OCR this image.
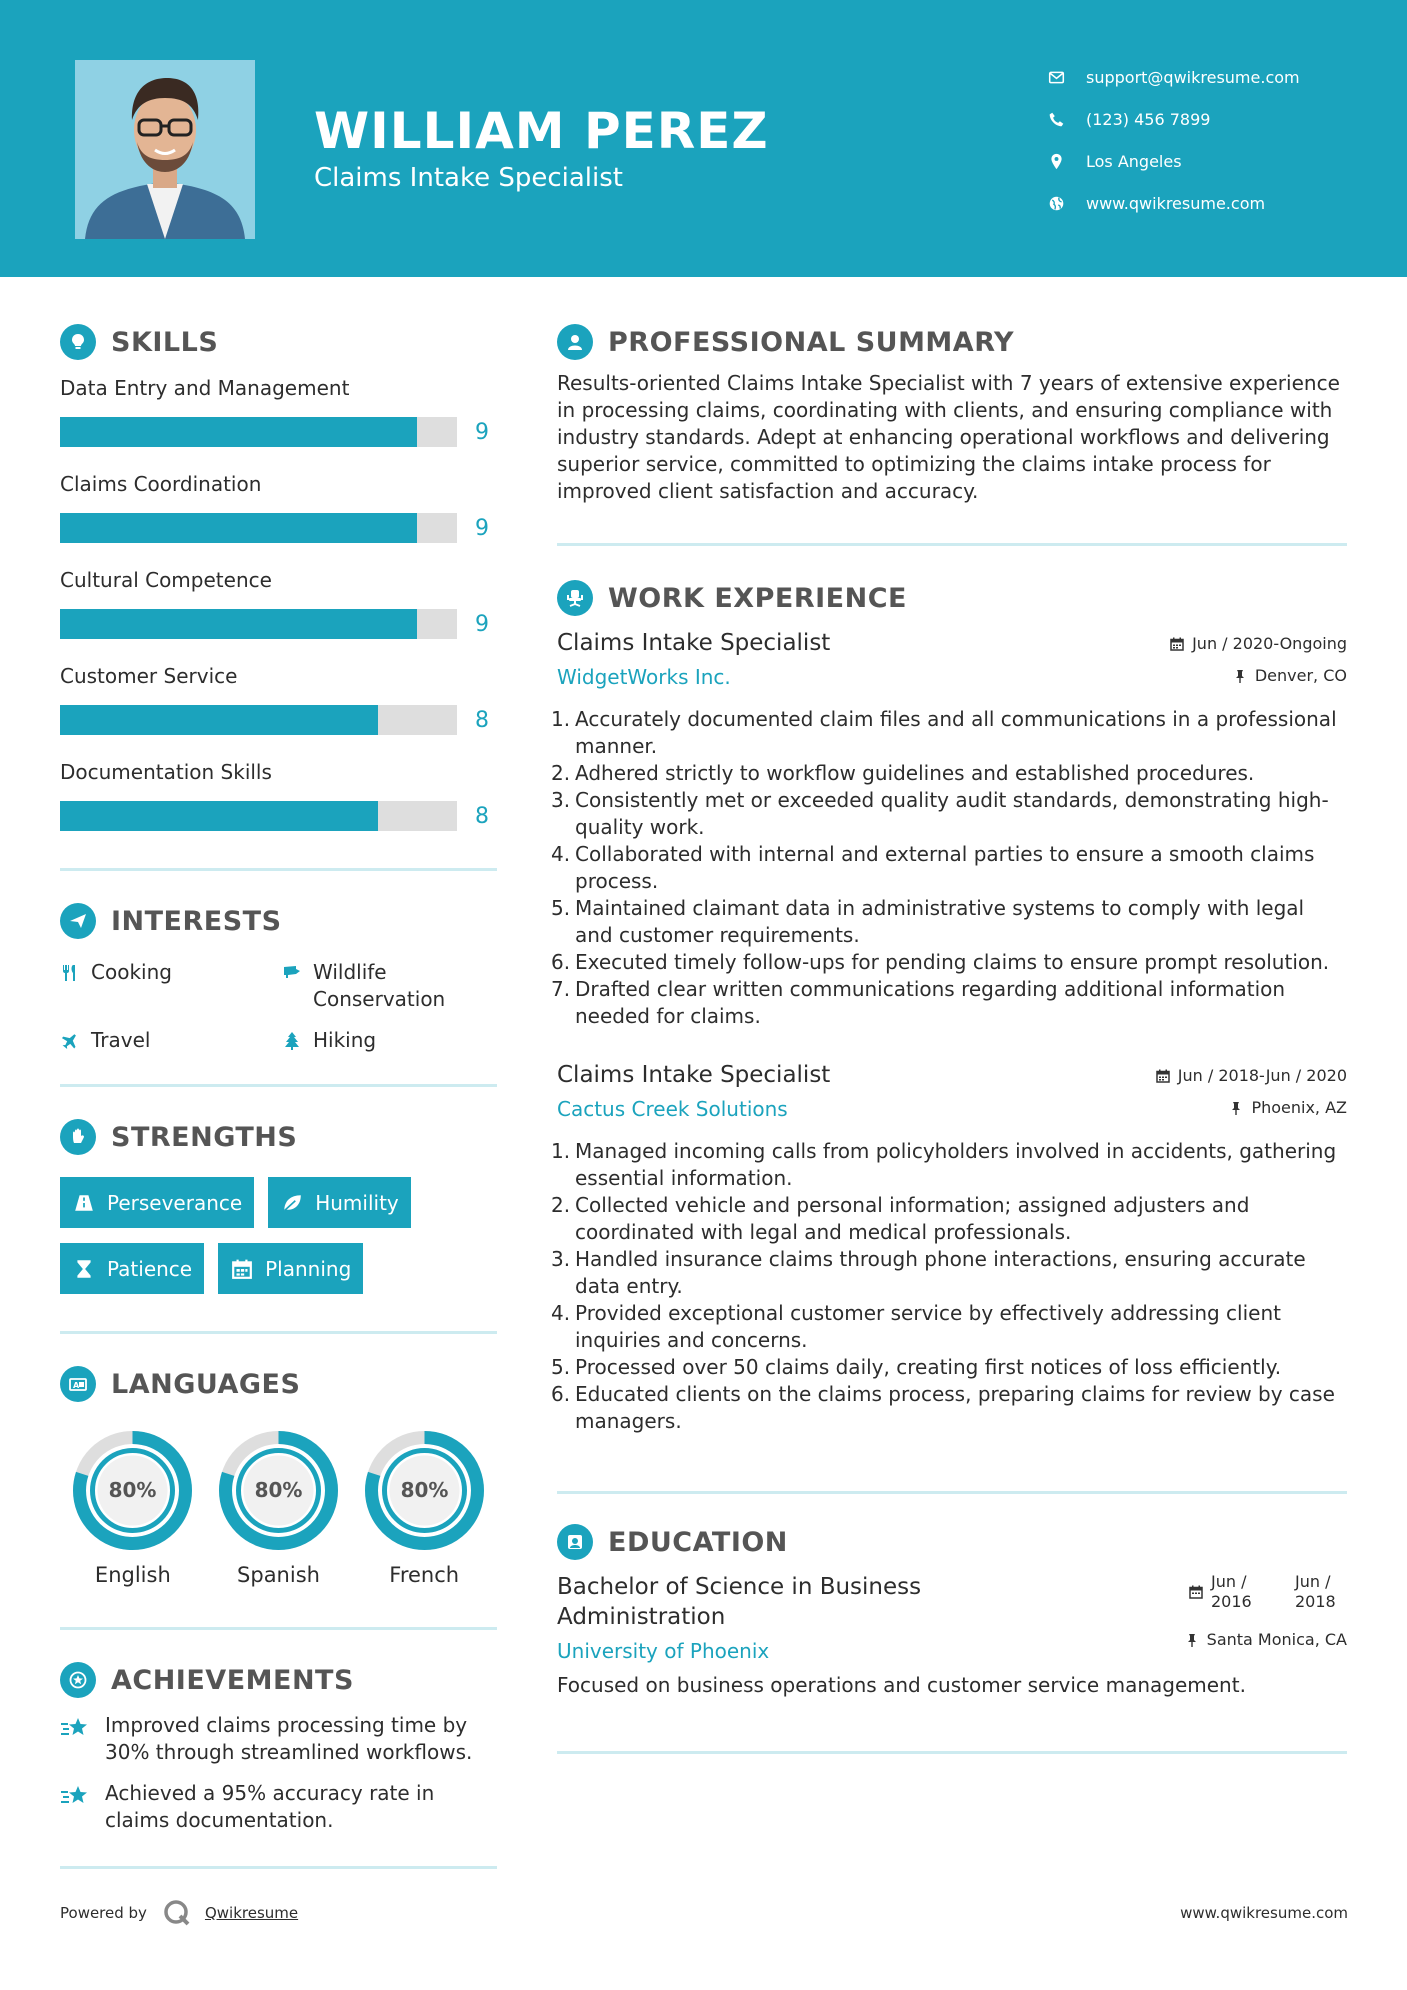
WILLIAM PEREZ
Claims Intake Specialist
support@qwikresume.com
(123) 456 7899
Los Angeles
www.qwikresume.com
SKILLS
Data Entry and Management
9
Claims Coordination
9
Cultural Competence
9
Customer Service
8
Documentation Skills
8
INTERESTS
Cooking	Wildlife Conservation
Travel	Hiking
STRENGTHS
Perseverance	Humility
Patience	Planning
A LANGUAGES
80%
English
80%
Spanish
80%
French
ACHIEVEMENTS
Improved claims processing time by 30% through streamlined workflows.
Achieved a 95% accuracy rate in claims documentation.
PROFESSIONAL SUMMARY

Results-oriented Claims Intake Specialist with 7 years of extensive experience in processing claims, coordinating with clients, and ensuring compliance with industry standards. Adept at enhancing operational workflows and delivering superior service, committed to optimizing the claims intake process for improved client satisfaction and accuracy.

WORK EXPERIENCE
Claims Intake Specialist
WidgetWorks Inc.
Jun / 2020-Ongoing
Denver, CO
1. Accurately documented claim files and all communications in a professional manner.
2. Adhered strictly to workflow guidelines and established procedures.
3. Consistently met or exceeded quality audit standards, demonstrating high-quality work.
4. Collaborated with internal and external parties to ensure a smooth claims process.
5. Maintained claimant data in administrative systems to comply with legal and customer requirements.
6. Executed timely follow-ups for pending claims to ensure prompt resolution.
7. Drafted clear written communications regarding additional information needed for claims.
Claims Intake Specialist
Cactus Creek Solutions
Jun / 2018-Jun / 2020
Phoenix, AZ
1. Managed incoming calls from policyholders involved in accidents, gathering essential information.
2. Collected vehicle and personal information; assigned adjusters and coordinated with legal and medical professionals.
3. Handled insurance claims through phone interactions, ensuring accurate data entry.
4. Provided exceptional customer service by effectively addressing client inquiries and concerns.
5. Processed over 50 claims daily, creating first notices of loss efficiently.
6. Educated clients on the claims process, preparing claims for review by case managers.
EDUCATION
Bachelor of Science in Business Administration
University of Phoenix
Jun / 2016
Jun / 2018
Santa Monica, CA

Focused on business operations and customer service management.

Powered by	Qwikresume	www.qwikresume.com
